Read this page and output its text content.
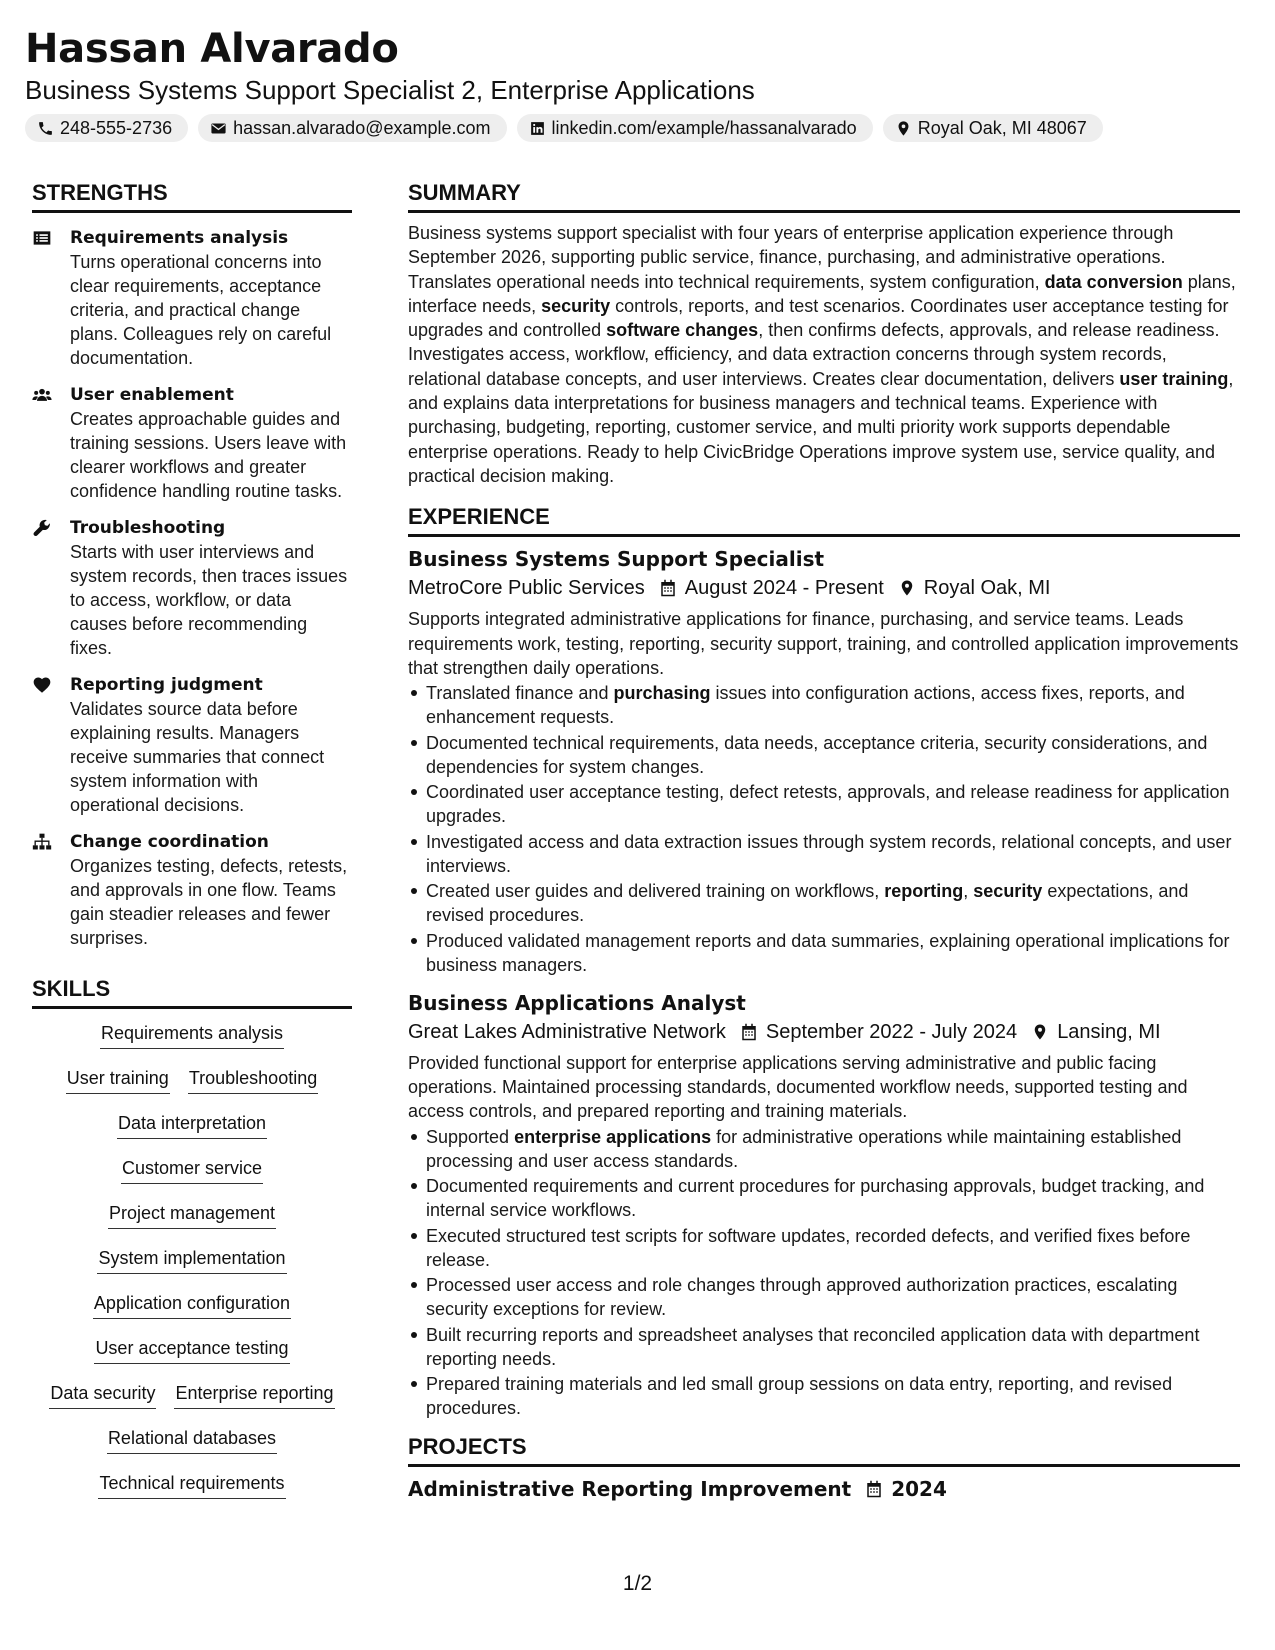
Hassan Alvarado
Business Systems Support Specialist 2, Enterprise Applications
248-555-2736	hassan.alvarado@example.com	linkedin.com/example/hassanalvarado	Royal Oak, MI 48067
STRENGTHS
Requirements analysis
Turns operational concerns into clear requirements, acceptance criteria, and practical change plans. Colleagues rely on careful documentation.
User enablement
Creates approachable guides and training sessions. Users leave with clearer workflows and greater confidence handling routine tasks.
Troubleshooting
Starts with user interviews and system records, then traces issues to access, workflow, or data causes before recommending fixes.
Reporting judgment
Validates source data before explaining results. Managers receive summaries that connect system information with operational decisions.
Change coordination
Organizes testing, defects, retests, and approvals in one flow. Teams gain steadier releases and fewer surprises.
SKILLS
Requirements analysis
User training Troubleshooting
Data interpretation
Customer service
Project management
System implementation
Application configuration
User acceptance testing
Data security Enterprise reporting
Relational databases
Technical requirements
SUMMARY
Business systems support specialist with four years of enterprise application experience through September 2026, supporting public service, finance, purchasing, and administrative operations. Translates operational needs into technical requirements, system configuration, data conversion plans, interface needs, security controls, reports, and test scenarios. Coordinates user acceptance testing for upgrades and controlled software changes, then confirms defects, approvals, and release readiness. Investigates access, workflow, efficiency, and data extraction concerns through system records, relational database concepts, and user interviews. Creates clear documentation, delivers user training, and explains data interpretations for business managers and technical teams. Experience with purchasing, budgeting, reporting, customer service, and multi priority work supports dependable enterprise operations. Ready to help CivicBridge Operations improve system use, service quality, and practical decision making.
EXPERIENCE
Business Systems Support Specialist
MetroCore Public Services August 2024 - Present Royal Oak, MI
Supports integrated administrative applications for finance, purchasing, and service teams. Leads requirements work, testing, reporting, security support, training, and controlled application improvements that strengthen daily operations.
Translated finance and purchasing issues into configuration actions, access fixes, reports, and enhancement requests.
Documented technical requirements, data needs, acceptance criteria, security considerations, and dependencies for system changes.
Coordinated user acceptance testing, defect retests, approvals, and release readiness for application upgrades.
Investigated access and data extraction issues through system records, relational concepts, and user interviews.
Created user guides and delivered training on workflows, reporting, security expectations, and revised procedures.
Produced validated management reports and data summaries, explaining operational implications for business managers.
Business Applications Analyst
Great Lakes Administrative Network September 2022 - July 2024 Lansing, MI
Provided functional support for enterprise applications serving administrative and public facing operations. Maintained processing standards, documented workflow needs, supported testing and access controls, and prepared reporting and training materials.
Supported enterprise applications for administrative operations while maintaining established processing and user access standards.
Documented requirements and current procedures for purchasing approvals, budget tracking, and internal service workflows.
Executed structured test scripts for software updates, recorded defects, and verified fixes before release.
Processed user access and role changes through approved authorization practices, escalating security exceptions for review.
Built recurring reports and spreadsheet analyses that reconciled application data with department reporting needs.
Prepared training materials and led small group sessions on data entry, reporting, and revised procedures.
PROJECTS
Administrative Reporting Improvement 2024
1/2
